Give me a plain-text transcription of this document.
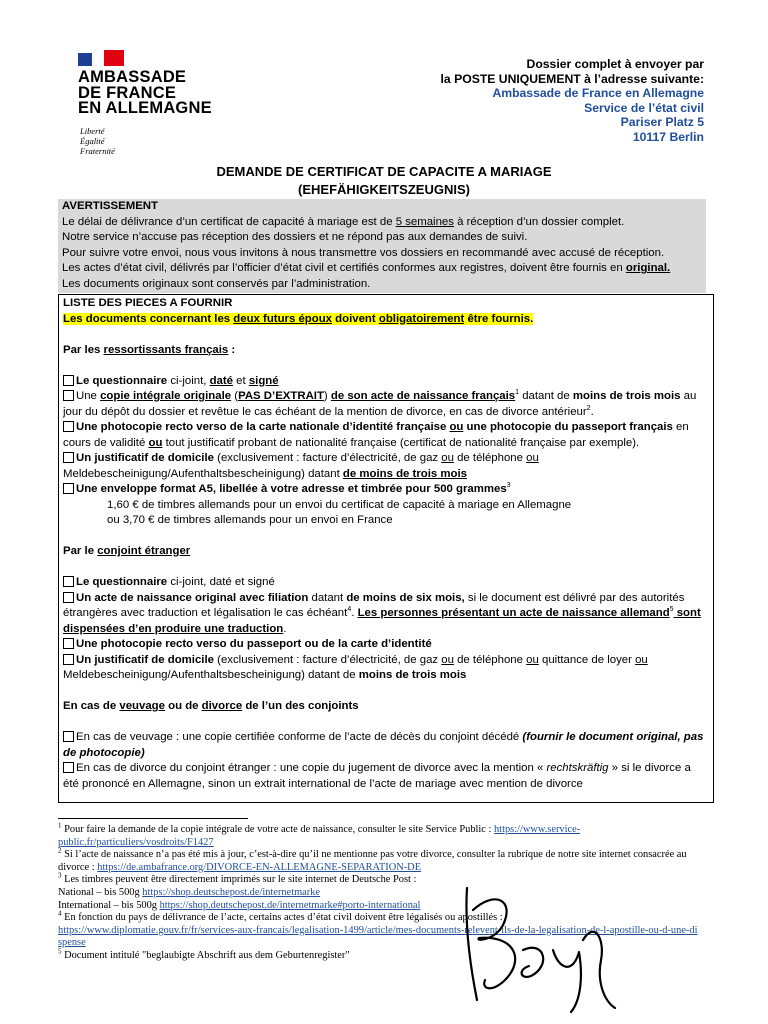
AMBASSADE
DE FRANCE
EN ALLEMAGNE
Liberté
Égalité
Fraternité
Dossier complet à envoyer par
la POSTE UNIQUEMENT à l’adresse suivante:
Ambassade de France en Allemagne
Service de l’état civil
Pariser Platz 5
10117 Berlin
DEMANDE DE CERTIFICAT DE CAPACITE A MARIAGE
(EHEFÄHIGKEITSZEUGNIS)
AVERTISSEMENT
Le délai de délivrance d’un certificat de capacité à mariage est de 5 semaines à réception d’un dossier complet.
Notre service n’accuse pas réception des dossiers et ne répond pas aux demandes de suivi.
Pour suivre votre envoi, nous vous invitons à nous transmettre vos dossiers en recommandé avec accusé de réception.
Les actes d’état civil, délivrés par l’officier d’état civil et certifiés conformes aux registres, doivent être fournis en original.
Les documents originaux sont conservés par l’administration.

LISTE DES PIECES A FOURNIR

Les documents concernant les deux futurs époux doivent obligatoirement être fournis.

Par les ressortissants français :

Le questionnaire ci-joint, daté et signé

Une copie intégrale originale (PAS D’EXTRAIT) de son acte de naissance français$^1$ datant de moins de trois mois au jour du dépôt du dossier et revêtue le cas échéant de la mention de divorce, en cas de divorce antérieur$^2$.

Une photocopie recto verso de la carte nationale d’identité française ou une photocopie du passeport français en cours de validité ou tout justificatif probant de nationalité française (certificat de nationalité française par exemple).

Un justificatif de domicile (exclusivement : facture d’électricité, de gaz ou de téléphone ou
Meldebescheinigung/Aufenthaltsbescheinigung) datant de moins de trois mois

Une enveloppe format A5, libellée à votre adresse et timbrée pour 500 grammes$^3$

1,60 € de timbres allemands pour un envoi du certificat de capacité à mariage en Allemagne

ou 3,70 € de timbres allemands pour un envoi en France

Par le conjoint étranger

Le questionnaire ci-joint, daté et signé

Un acte de naissance original avec filiation datant de moins de six mois, si le document est délivré par des autorités étrangères avec traduction et légalisation le cas échéant$^4$. Les personnes présentant un acte de naissance allemand$^5$ sont dispensées d’en produire une traduction.

Une photocopie recto verso du passeport ou de la carte d’identité

Un justificatif de domicile (exclusivement : facture d’électricité, de gaz ou de téléphone ou quittance de loyer ou
Meldebescheinigung/Aufenthaltsbescheinigung) datant de moins de trois mois

En cas de veuvage ou de divorce de l’un des conjoints

En cas de veuvage : une copie certifiée conforme de l’acte de décès du conjoint décédé (fournir le document original, pas de photocopie)

En cas de divorce du conjoint étranger : une copie du jugement de divorce avec la mention « rechtskräftig » si le divorce a été prononcé en Allemagne, sinon un extrait international de l’acte de mariage avec mention de divorce

$^1$ Pour faire la demande de la copie intégrale de votre acte de naissance, consulter le site Service Public : https://www.service-public.fr/particuliers/vosdroits/F1427

$^2$ Si l’acte de naissance n’a pas été mis à jour, c’est-à-dire qu’il ne mentionne pas votre divorce, consulter la rubrique de notre site internet consacrée au divorce : https://de.ambafrance.org/DIVORCE-EN-ALLEMAGNE-SEPARATION-DE

$^3$ Les timbres peuvent être directement imprimés sur le site internet de Deutsche Post :

National – bis 500g https://shop.deutschepost.de/internetmarke

International – bis 500g https://shop.deutschepost.de/internetmarke#porto-international

$^4$ En fonction du pays de délivrance de l’acte, certains actes d’état civil doivent être légalisés ou apostillés :
https://www.diplomatie.gouv.fr/fr/services-aux-francais/legalisation-1499/article/mes-documents-relevent-ils-de-la-legalisation-de-l-apostille-ou-d-une-dispense

$^5$ Document intitulé "beglaubigte Abschrift aus dem Geburtenregister"
